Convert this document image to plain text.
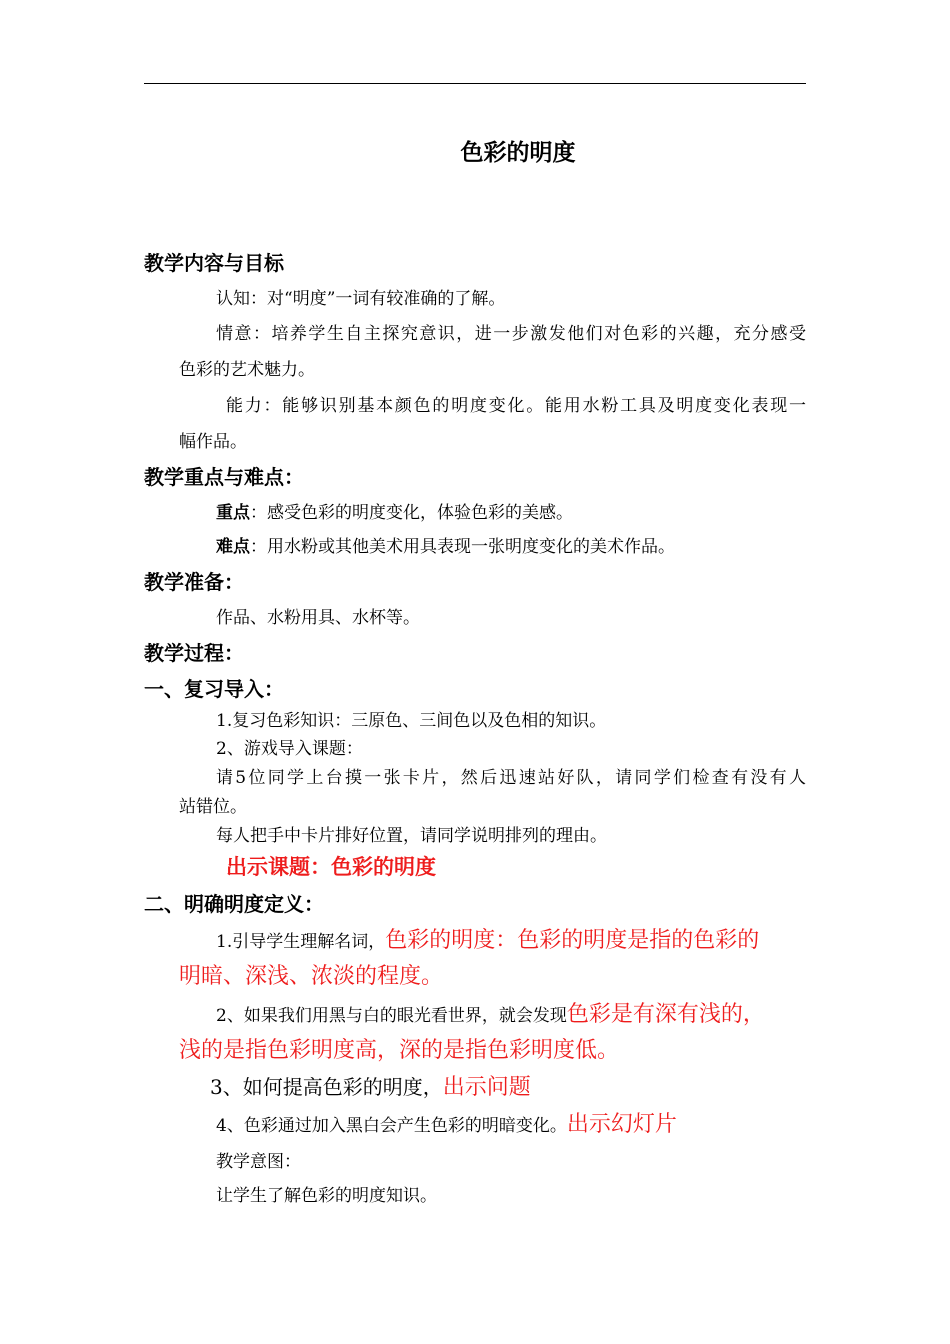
色彩的明度
教学内容与目标
认知：对“明度”一词有较准确的了解。
情意：培养学生自主探究意识，进一步激发他们对色彩的兴趣，充分感受
色彩的艺术魅力。
能力：能够识别基本颜色的明度变化。能用水粉工具及明度变化表现一
幅作品。
教学重点与难点：
重点：感受色彩的明度变化，体验色彩的美感。
难点：用水粉或其他美术用具表现一张明度变化的美术作品。
教学准备：
作品、水粉用具、水杯等。
教学过程：
一、复习导入：
1.复习色彩知识：三原色、三间色以及色相的知识。
2、游戏导入课题：
请5位同学上台摸一张卡片，然后迅速站好队，请同学们检查有没有人
站错位。
每人把手中卡片排好位置，请同学说明排列的理由。
出示课题：色彩的明度
二、明确明度定义：
1.引导学生理解名词，色彩的明度：色彩的明度是指的色彩的
明暗、深浅、浓淡的程度。
2、如果我们用黑与白的眼光看世界，就会发现色彩是有深有浅的，
浅的是指色彩明度高，深的是指色彩明度低。
3、如何提高色彩的明度，出示问题
4、色彩通过加入黑白会产生色彩的明暗变化。出示幻灯片
教学意图：
让学生了解色彩的明度知识。
